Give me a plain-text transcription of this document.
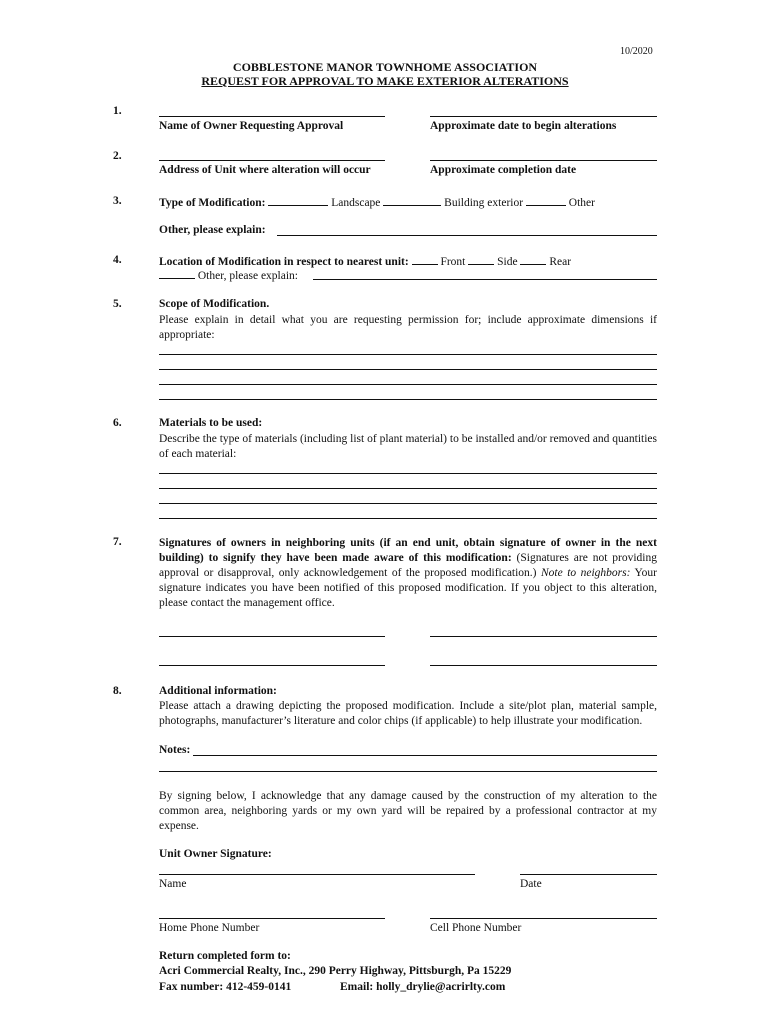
10/2020
COBBLESTONE MANOR TOWNHOME ASSOCIATION
REQUEST FOR APPROVAL TO MAKE EXTERIOR ALTERATIONS
1.
Name of Owner Requesting Approval	Approximate date to begin alterations
2.
Address of Unit where alteration will occur	Approximate completion date
3.	Type of Modification:	Landscape	Building exterior	Other
Other, please explain:
4.	Location of Modification in respect to nearest unit:	Front	Side	Rear
Other, please explain:
5.	Scope of Modification.
Please explain in detail what you are requesting permission for; include approximate dimensions if appropriate:
6.	Materials to be used:
Describe the type of materials (including list of plant material) to be installed and/or removed and quantities of each material:
7.	Signatures of owners in neighboring units (if an end unit, obtain signature of owner in the next building) to signify they have been made aware of this modification: (Signatures are not providing approval or disapproval, only acknowledgement of the proposed modification.) Note to neighbors: Your signature indicates you have been notified of this proposed modification. If you object to this alteration, please contact the management office.
8.	Additional information:
Please attach a drawing depicting the proposed modification. Include a site/plot plan, material sample, photographs, manufacturer’s literature and color chips (if applicable) to help illustrate your modification.
Notes:
By signing below, I acknowledge that any damage caused by the construction of my alteration to the common area, neighboring yards or my own yard will be repaired by a professional contractor at my expense.
Unit Owner Signature:
Name	Date
Home Phone Number	Cell Phone Number
Return completed form to:
Acri Commercial Realty, Inc., 290 Perry Highway, Pittsburgh, Pa 15229
Fax number: 412-459-0141	Email: holly_drylie@acrirlty.com
